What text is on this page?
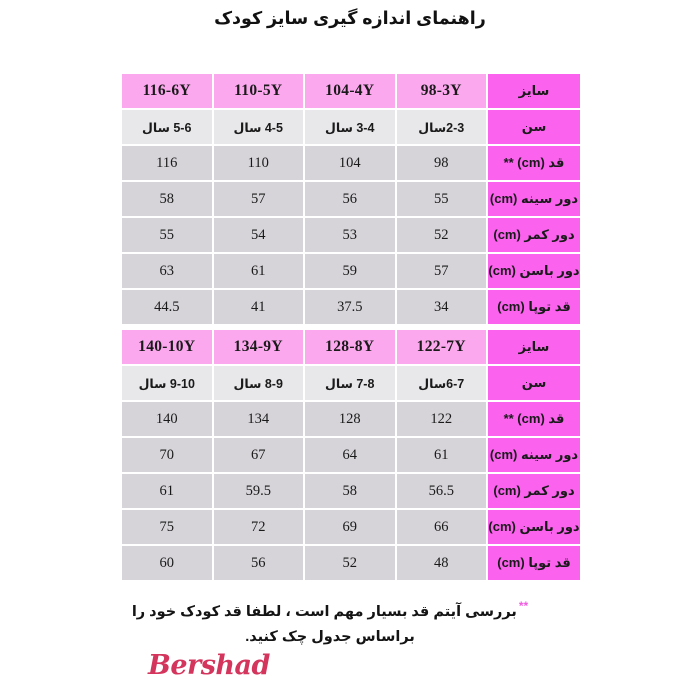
راهنمای اندازه گیری سایز کودک
سایز	98-3Y	104-4Y	110-5Y	116-6Y
سن	2-3سال	3-4 سال	4-5 سال	5-6 سال
قد (cm) **	98	104	110	116
دور سینه (cm)	55	56	57	58
دور کمر (cm)	52	53	54	55
دور باسن (cm)	57	59	61	63
قد توپا (cm)	34	37.5	41	44.5
سایز	122-7Y	128-8Y	134-9Y	140-10Y
سن	6-7سال	7-8 سال	8-9 سال	9-10 سال
قد (cm) **	122	128	134	140
دور سینه (cm)	61	64	67	70
دور کمر (cm)	56.5	58	59.5	61
دور باسن (cm)	66	69	72	75
قد توپا (cm)	48	52	56	60
**بررسی آیتم قد بسیار مهم است ، لطفا قد کودک خود را براساس جدول چک کنید.
Bershad
